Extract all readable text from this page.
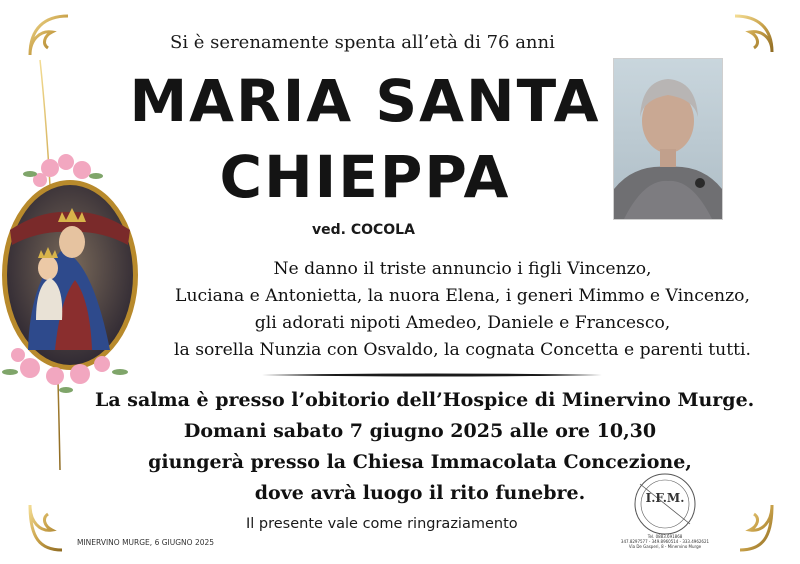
Si è serenamente spenta all’età di 76 anni
MARIA SANTA
CHIEPPA
ved. COCOLA
Ne danno il triste annuncio i figli Vincenzo,
Luciana e Antonietta, la nuora Elena, i generi Mimmo e Vincenzo,
gli adorati nipoti Amedeo, Daniele e Francesco,
la sorella Nunzia con Osvaldo, la cognata Concetta e parenti tutti.
La salma è presso l’obitorio dell’Hospice di Minervino Murge.
Domani sabato 7 giugno 2025 alle ore 10,30
giungerà presso la Chiesa Immacolata Concezione,
dove avrà luogo il rito funebre.
Il presente vale come ringraziamento
MINERVINO MURGE, 6 GIUGNO 2025
I.F.M.
Tel. 0883.691868
347.8297577 - 349.8960514 - 333.4962621
Via De Gasperi, 8 - Minervino Murge
